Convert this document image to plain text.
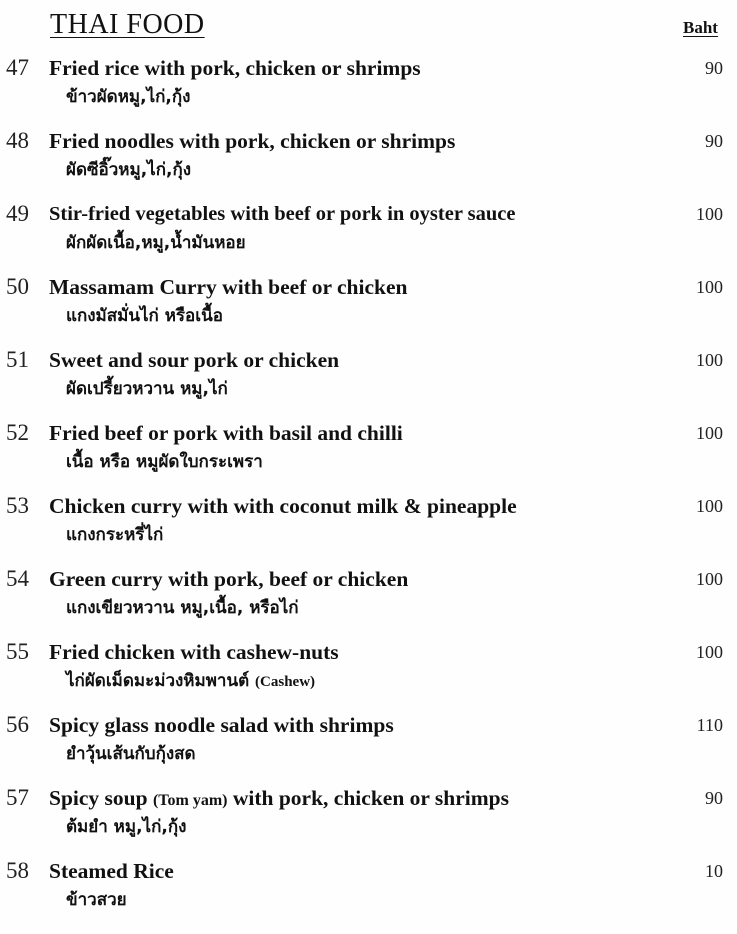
THAI FOOD	Baht
47 Fried rice with pork, chicken or shrimps
ข้าวผัดหมู,ไก่,กุ้ง
90
48 Fried noodles with pork, chicken or shrimps
ผัดซีอิ๊วหมู,ไก่,กุ้ง
90
49 Stir-fried vegetables with beef or pork in oyster sauce
ผักผัดเนื้อ,หมู,น้ำมันหอย
100
50 Massamam Curry with beef or chicken
แกงมัสมั่นไก่ หรือเนื้อ
100
51 Sweet and sour pork or chicken
ผัดเปรี้ยวหวาน หมู,ไก่
100
52 Fried beef or pork with basil and chilli
เนื้อ หรือ หมูผัดใบกระเพรา
100
53 Chicken curry with with coconut milk & pineapple
แกงกระหรี่ไก่
100
54 Green curry with pork, beef or chicken
แกงเขียวหวาน หมู,เนื้อ, หรือไก่
100
55 Fried chicken with cashew-nuts
ไก่ผัดเม็ดมะม่วงหิมพานต์ (Cashew)
100
56 Spicy glass noodle salad with shrimps
ยำวุ้นเส้นกับกุ้งสด
110
57 Spicy soup (Tom yam) with pork, chicken or shrimps
ต้มยำ หมู,ไก่,กุ้ง
90
58 Steamed Rice
ข้าวสวย
10
